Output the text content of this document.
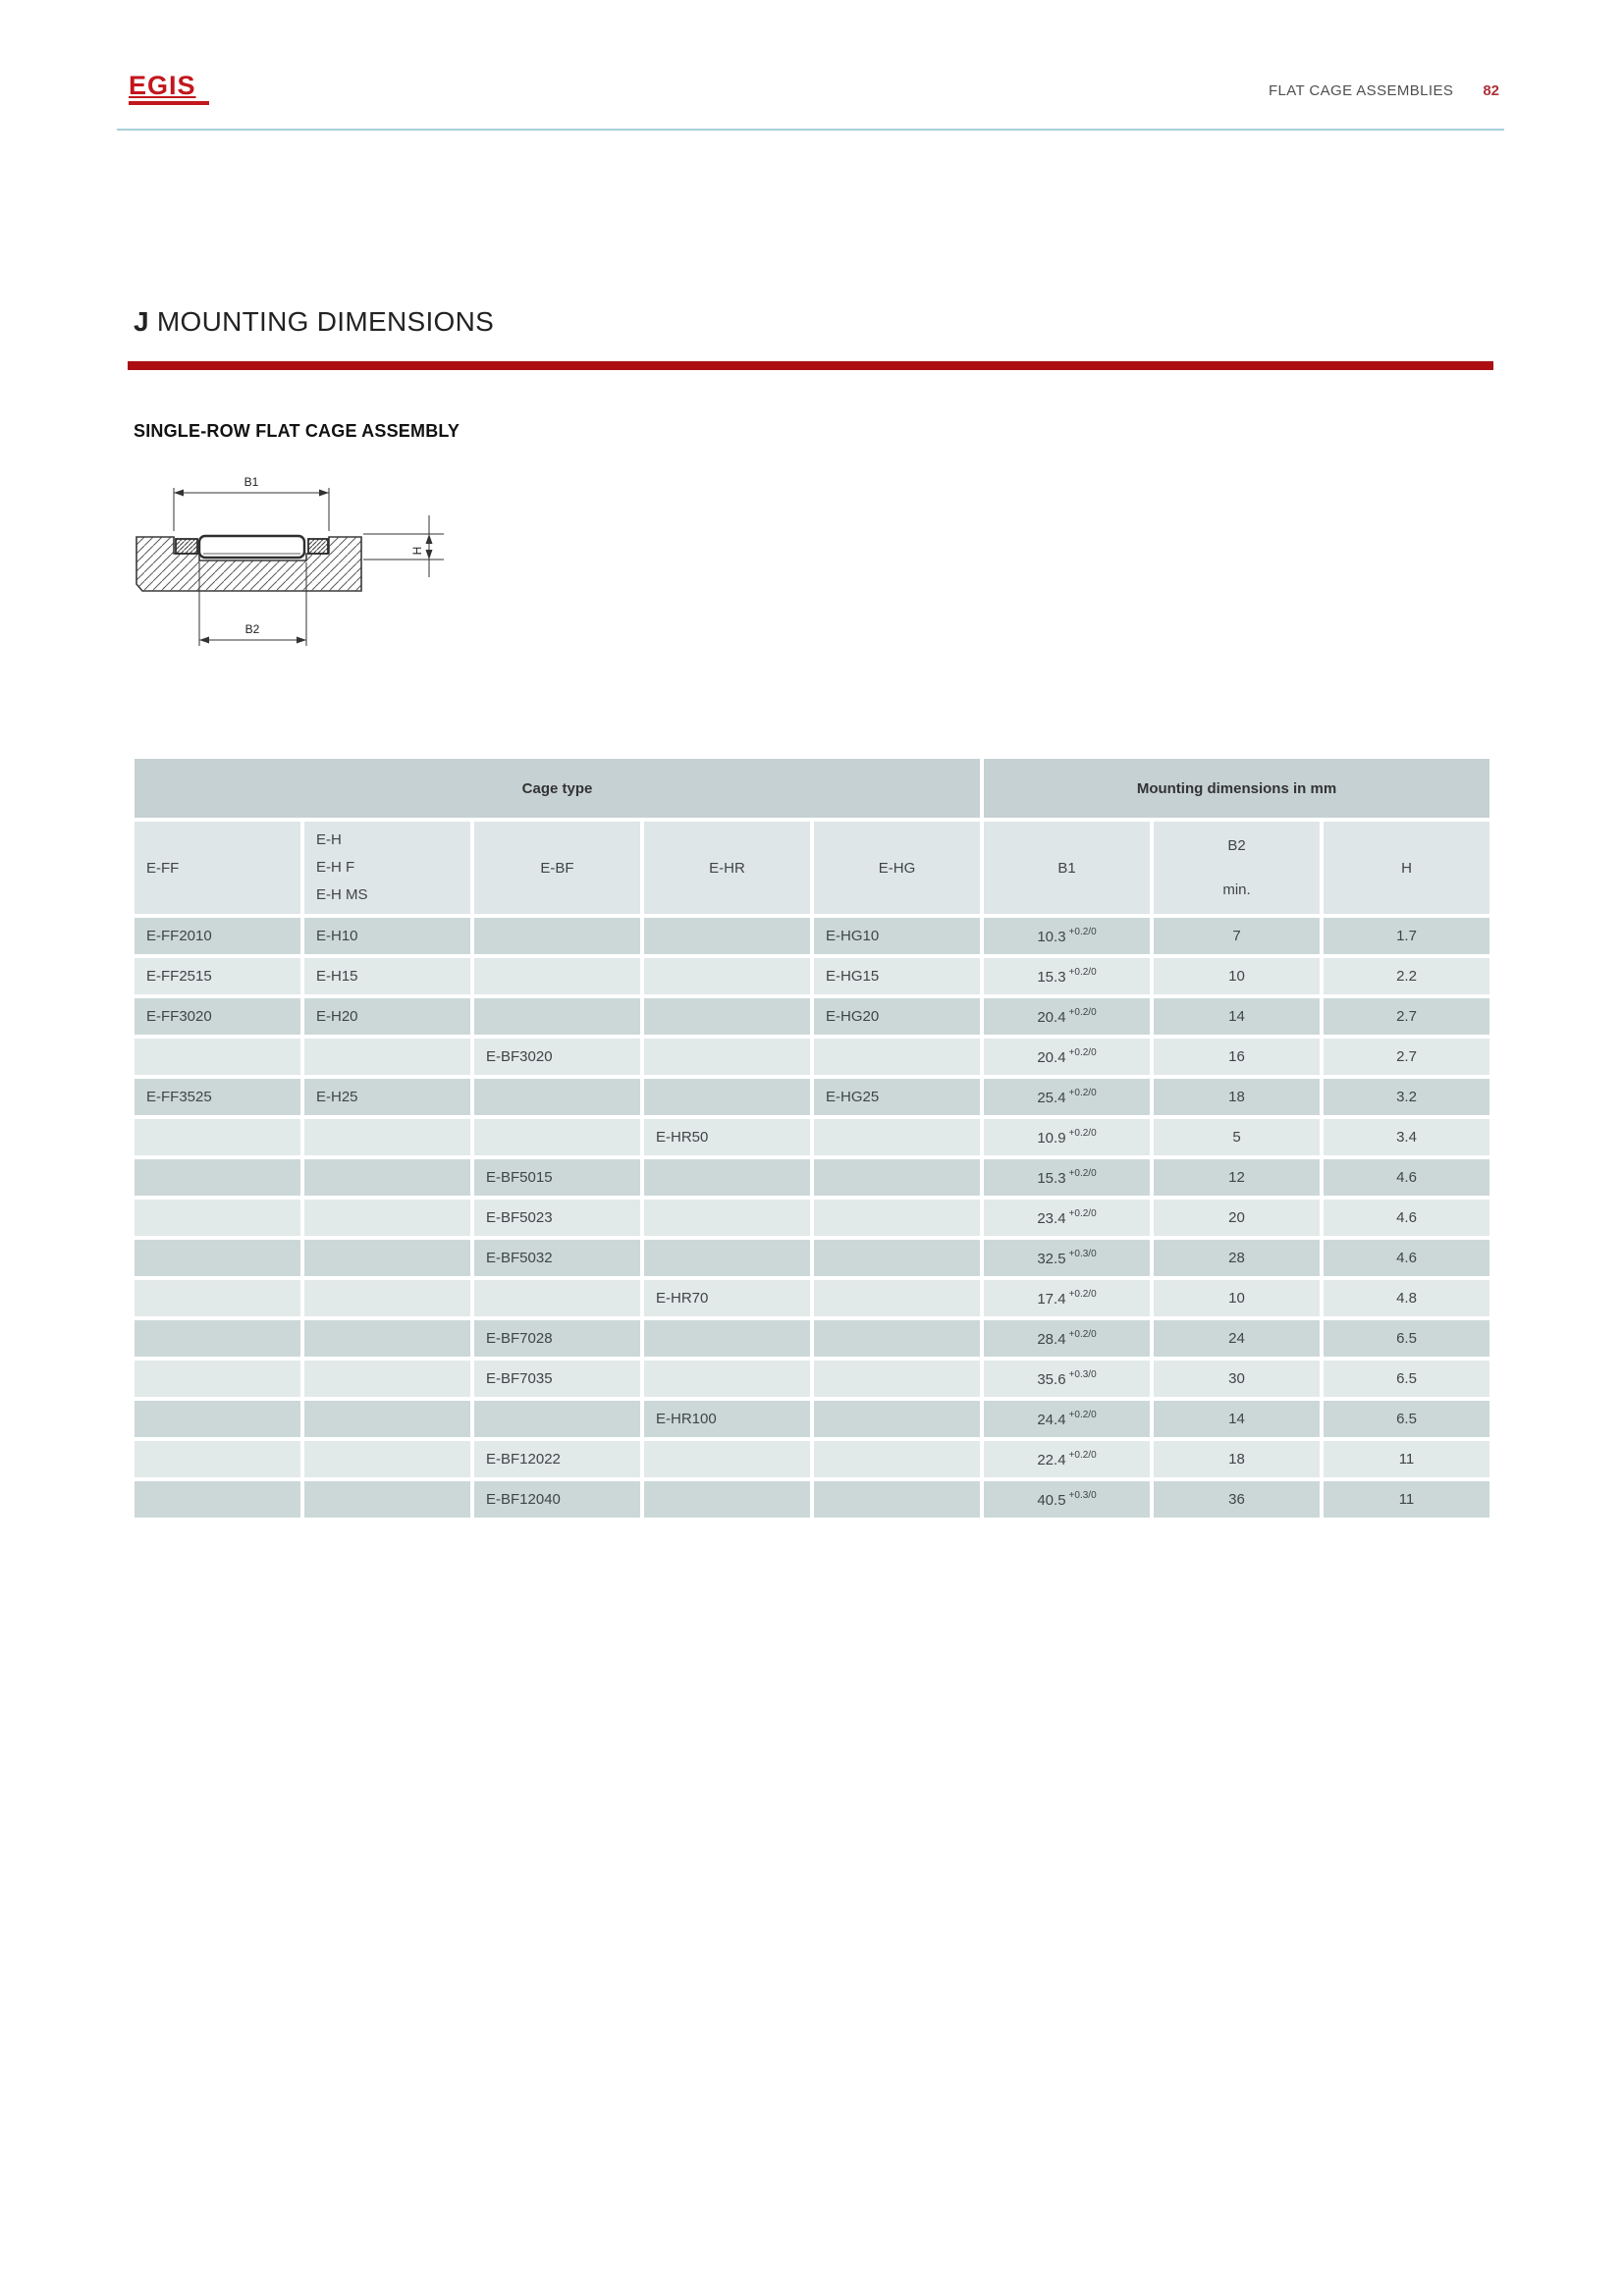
EGIS	FLAT CAGE ASSEMBLIES 82
J MOUNTING DIMENSIONS
SINGLE-ROW FLAT CAGE ASSEMBLY
B1
B2
H
Cage type					Mounting dimensions in mm		
E-FF	E-H
E-H F
E-H MS	E-BF	E-HR	E-HG	B1	B2
min.	H
E-FF2010	E-H10			E-HG10	10.3 $^{+0.2/0}$	7	1.7
E-FF2515	E-H15			E-HG15	15.3 $^{+0.2/0}$	10	2.2
E-FF3020	E-H20			E-HG20	20.4 $^{+0.2/0}$	14	2.7
		E-BF3020			20.4 $^{+0.2/0}$	16	2.7
E-FF3525	E-H25			E-HG25	25.4 $^{+0.2/0}$	18	3.2
			E-HR50		10.9 $^{+0.2/0}$	5	3.4
		E-BF5015			15.3 $^{+0.2/0}$	12	4.6
		E-BF5023			23.4 $^{+0.2/0}$	20	4.6
		E-BF5032			32.5 $^{+0.3/0}$	28	4.6
			E-HR70		17.4 $^{+0.2/0}$	10	4.8
		E-BF7028			28.4 $^{+0.2/0}$	24	6.5
		E-BF7035			35.6 $^{+0.3/0}$	30	6.5
			E-HR100		24.4 $^{+0.2/0}$	14	6.5
		E-BF12022			22.4 $^{+0.2/0}$	18	11
		E-BF12040			40.5 $^{+0.3/0}$	36	11
